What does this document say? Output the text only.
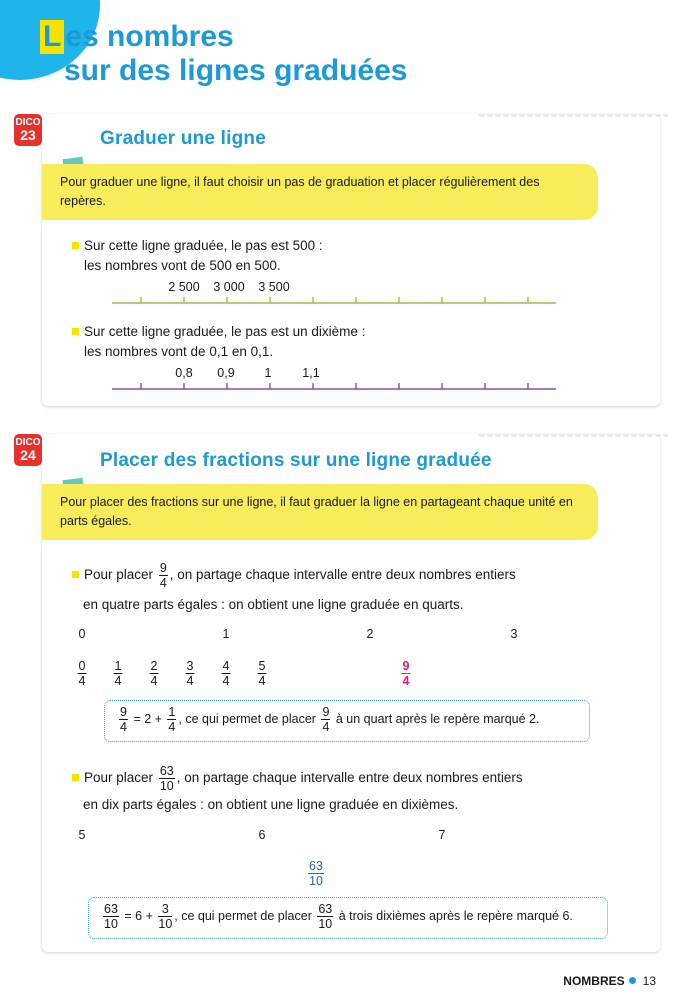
L es nombres
sur des lignes graduées
DICO
23	Graduer une ligne
Pour graduer une ligne, il faut choisir un pas de graduation et placer régulièrement des repères.
Sur cette ligne graduée, le pas est 500 :
les nombres vont de 500 en 500.
2 500 3 000 3 500
Sur cette ligne graduée, le pas est un dixième :
les nombres vont de 0,1 en 0,1.
0,8 0,9 1 1,1
DICO
24	Placer des fractions sur une ligne graduée
Pour placer des fractions sur une ligne, il faut graduer la ligne en partageant chaque unité en parts égales.
Pour placer $\frac{9}{4}$ , on partage chaque intervalle entre deux nombres entiers
en quatre parts égales : on obtient une ligne graduée en quarts.
0	1	2	3
$\frac{0}{4} \frac{1}{4} \frac{2}{4} \frac{3}{4} \frac{4}{4} \frac{5}{4}$	$\frac{9}{4}$
$\frac{9}{4} = 2 + \frac{1}{4}$ , ce qui permet de placer $\frac{9}{4}$ à un quart après le repère marqué 2.
Pour placer $\frac{63}{10}$ , on partage chaque intervalle entre deux nombres entiers
en dix parts égales : on obtient une ligne graduée en dixièmes.
5	6	7
$\frac{63}{10}$
$\frac{63}{10} = 6 + \frac{3}{10}$ , ce qui permet de placer $\frac{63}{10}$ à trois dixièmes après le repère marqué 6.
NOMBRES 13
